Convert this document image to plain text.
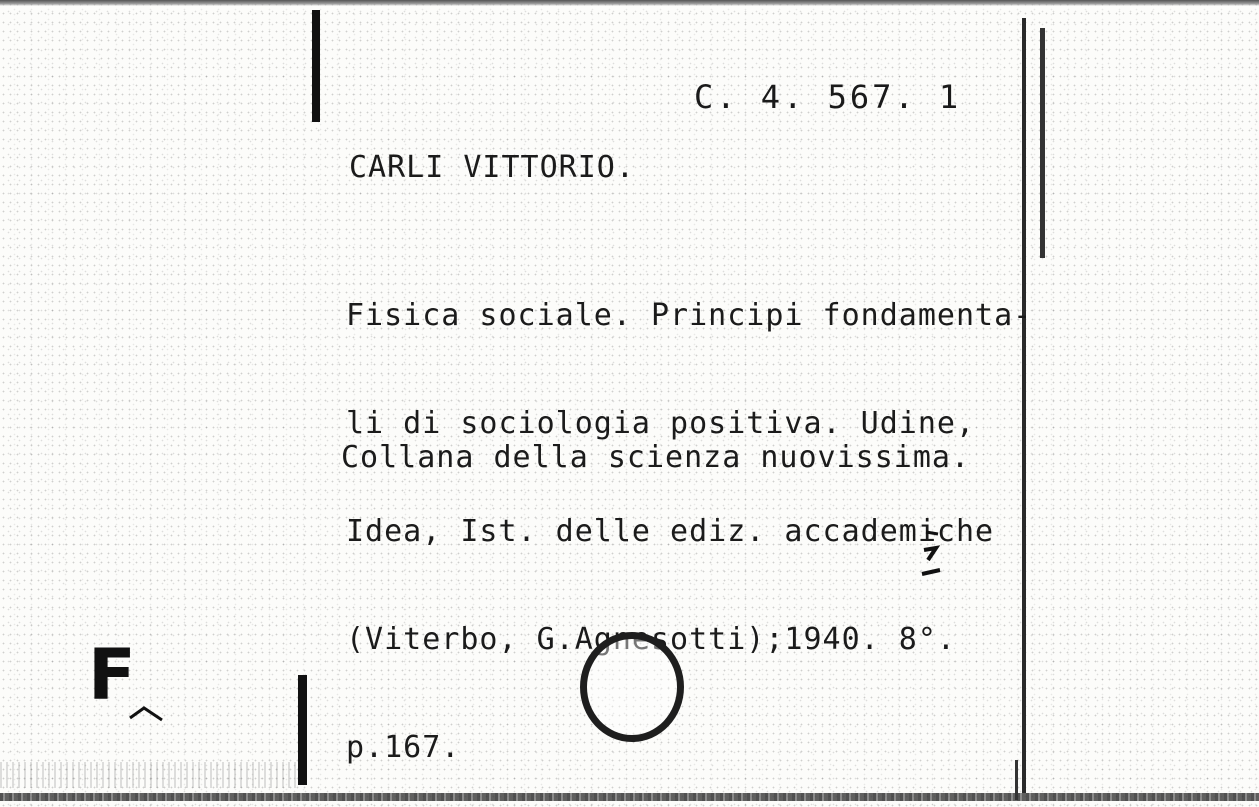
C. 4. 567. 1
CARLI VITTORIO.

Fisica sociale. Principi fondamenta-

li di sociologia positiva. Udine,

Idea, Ist. delle ediz. accademiche

(Viterbo, G.Agnesotti);1940. 8°.

p.167.

Collana della scienza nuovissima.
F
